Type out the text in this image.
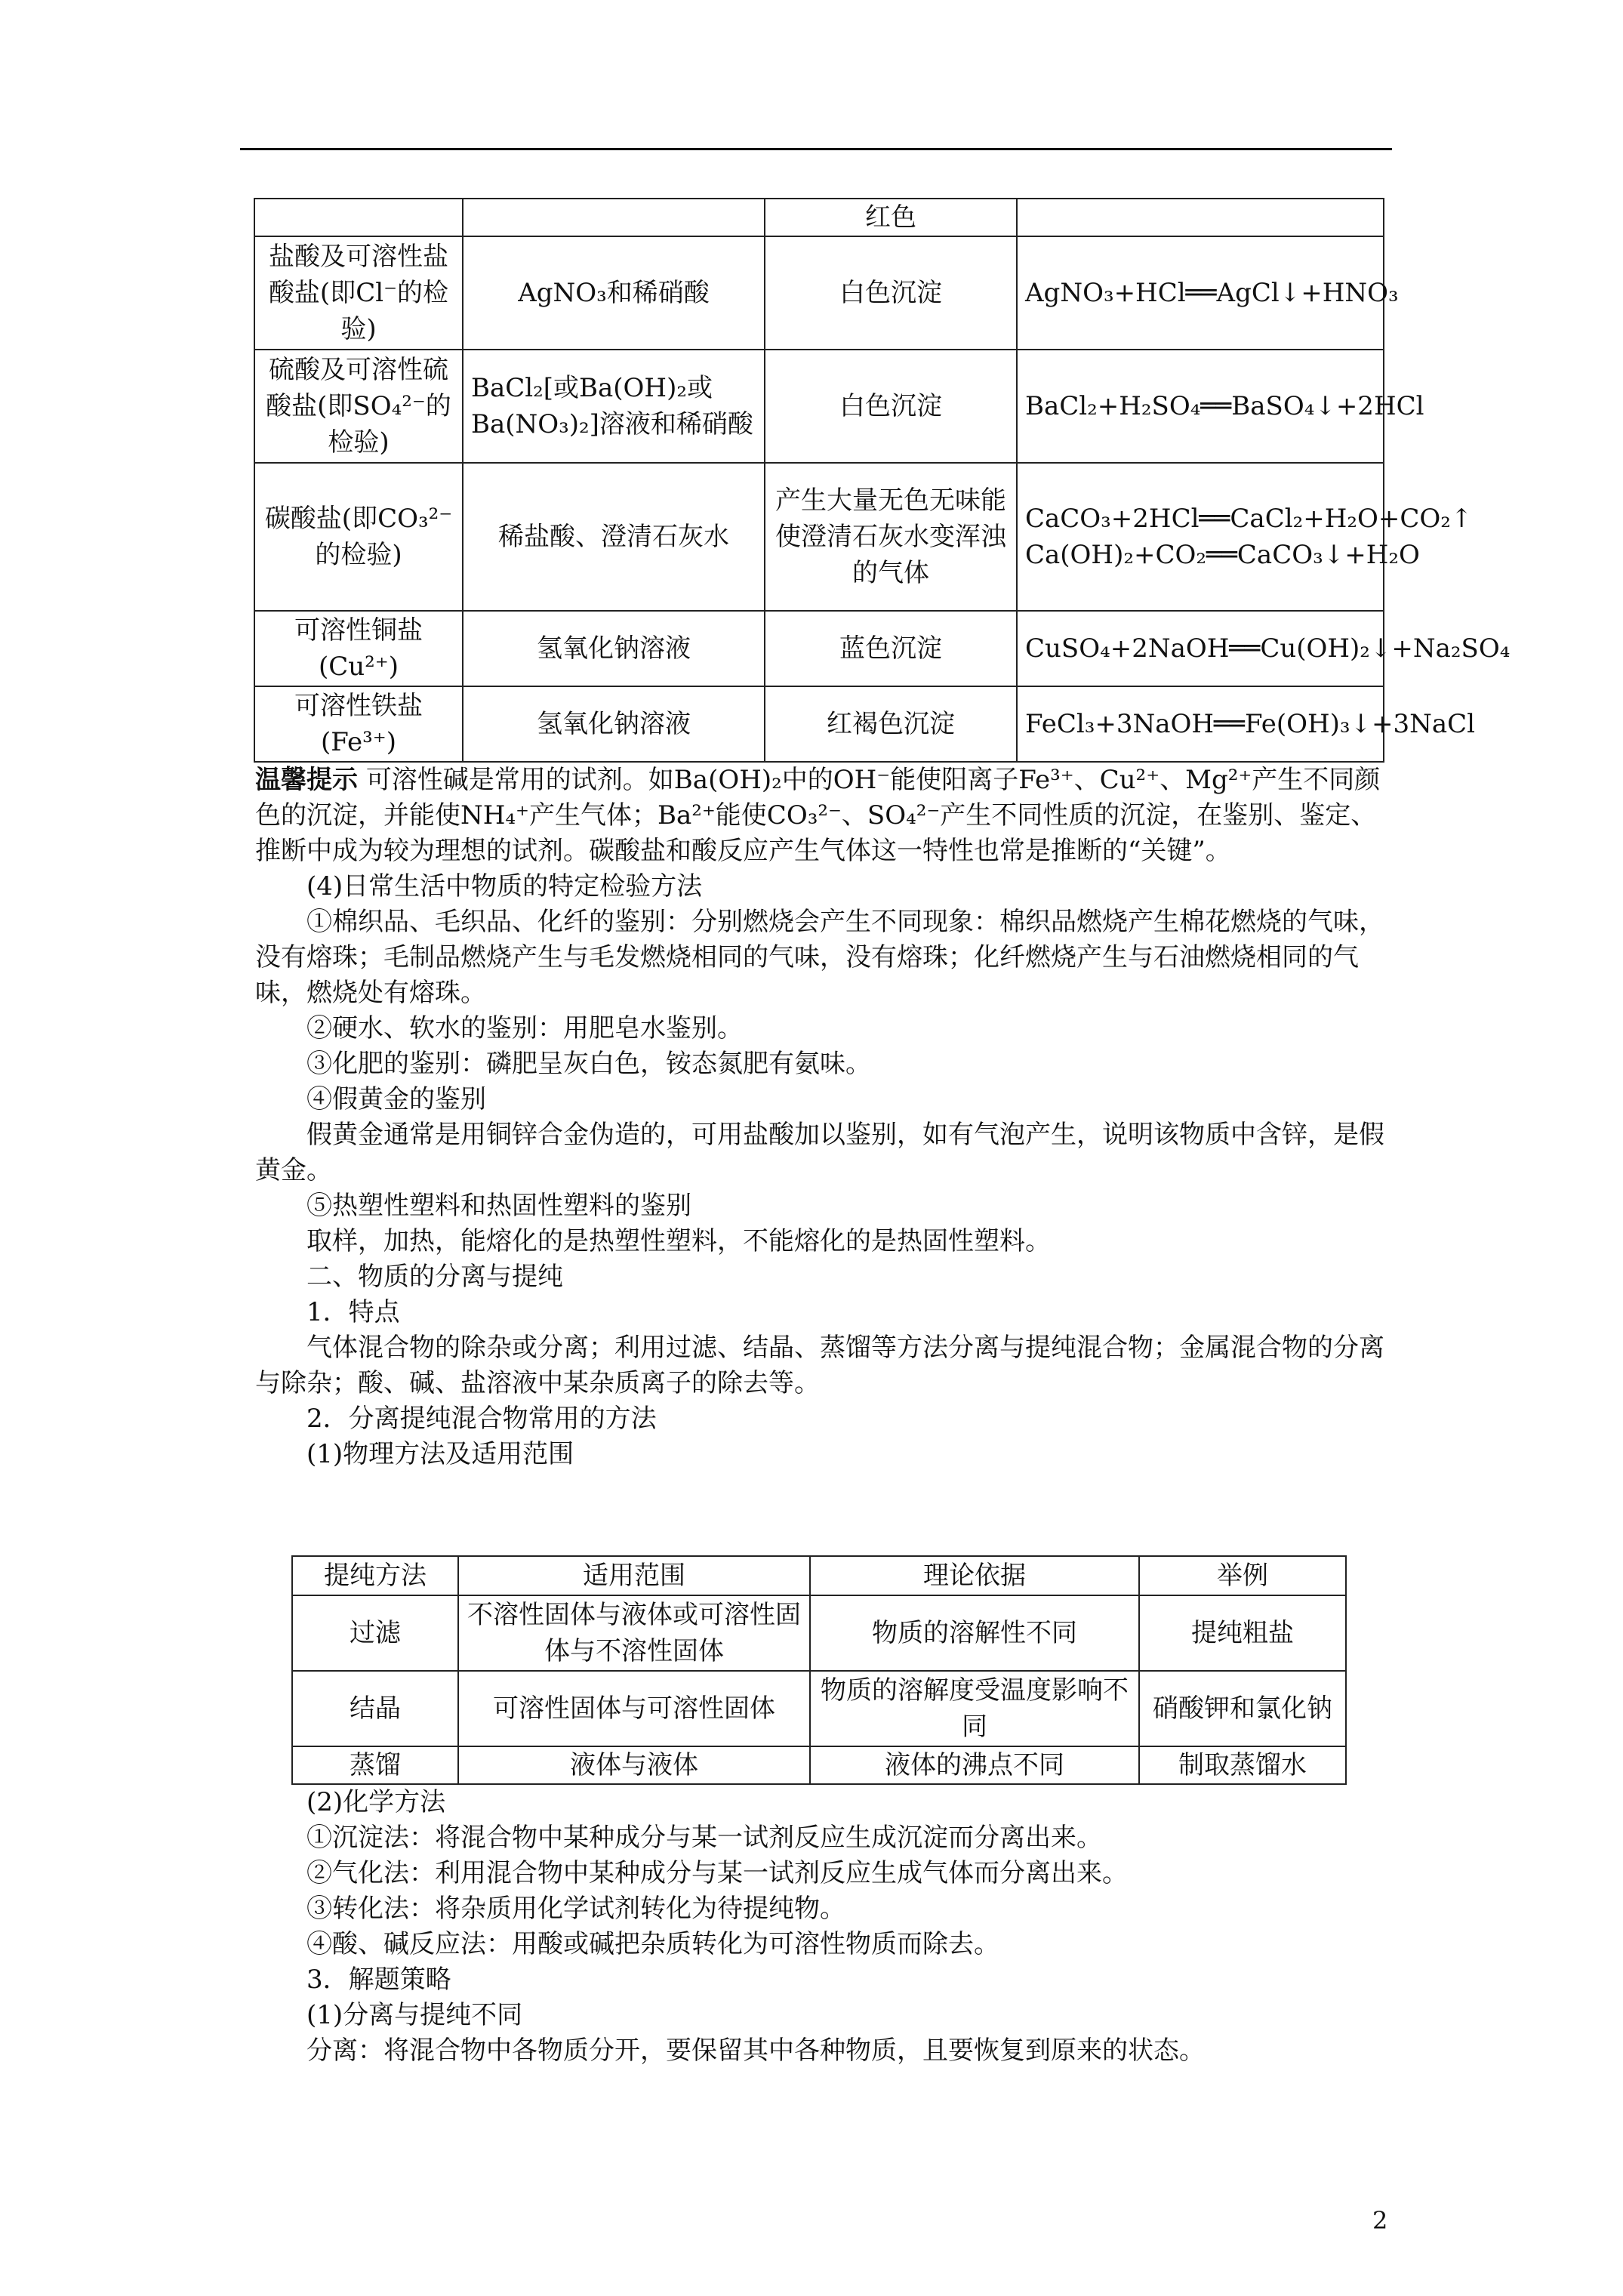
		红色	
盐酸及可溶性盐酸盐(即Cl⁻的检验)	AgNO₃和稀硝酸	白色沉淀	AgNO₃+HCl══AgCl↓+HNO₃
硫酸及可溶性硫酸盐(即SO₄²⁻的检验)	BaCl₂[或Ba(OH)₂或Ba(NO₃)₂]溶液和稀硝酸	白色沉淀	BaCl₂+H₂SO₄══BaSO₄↓+2HCl
碳酸盐(即CO₃²⁻的检验)	稀盐酸、澄清石灰水	产生大量无色无味能使澄清石灰水变浑浊的气体	CaCO₃+2HCl══CaCl₂+H₂O+CO₂↑
Ca(OH)₂+CO₂══CaCO₃↓+H₂O

可溶性铜盐(Cu²⁺)	氢氧化钠溶液	蓝色沉淀	CuSO₄+2NaOH══Cu(OH)₂↓+Na₂SO₄
可溶性铁盐(Fe³⁺)	氢氧化钠溶液	红褐色沉淀	FeCl₃+3NaOH══Fe(OH)₃↓+3NaCl

温馨提示 可溶性碱是常用的试剂。如Ba(OH)₂中的OH⁻能使阳离子Fe³⁺、Cu²⁺、Mg²⁺产生不同颜色的沉淀，并能使NH₄⁺产生气体；Ba²⁺能使CO₃²⁻、SO₄²⁻产生不同性质的沉淀，在鉴别、鉴定、推断中成为较为理想的试剂。碳酸盐和酸反应产生气体这一特性也常是推断的“关键”。

(4)日常生活中物质的特定检验方法

①棉织品、毛织品、化纤的鉴别：分别燃烧会产生不同现象：棉织品燃烧产生棉花燃烧的气味，没有熔珠；毛制品燃烧产生与毛发燃烧相同的气味，没有熔珠；化纤燃烧产生与石油燃烧相同的气味，燃烧处有熔珠。

②硬水、软水的鉴别：用肥皂水鉴别。

③化肥的鉴别：磷肥呈灰白色，铵态氮肥有氨味。

④假黄金的鉴别

假黄金通常是用铜锌合金伪造的，可用盐酸加以鉴别，如有气泡产生，说明该物质中含锌，是假黄金。

⑤热塑性塑料和热固性塑料的鉴别

取样，加热，能熔化的是热塑性塑料，不能熔化的是热固性塑料。

二、物质的分离与提纯

1．特点

气体混合物的除杂或分离；利用过滤、结晶、蒸馏等方法分离与提纯混合物；金属混合物的分离与除杂；酸、碱、盐溶液中某杂质离子的除去等。

2．分离提纯混合物常用的方法

(1)物理方法及适用范围

提纯方法	适用范围	理论依据	举例
过滤	不溶性固体与液体或可溶性固体与不溶性固体	物质的溶解性不同	提纯粗盐
结晶	可溶性固体与可溶性固体	物质的溶解度受温度影响不同	硝酸钾和氯化钠
蒸馏	液体与液体	液体的沸点不同	制取蒸馏水

(2)化学方法

①沉淀法：将混合物中某种成分与某一试剂反应生成沉淀而分离出来。

②气化法：利用混合物中某种成分与某一试剂反应生成气体而分离出来。

③转化法：将杂质用化学试剂转化为待提纯物。

④酸、碱反应法：用酸或碱把杂质转化为可溶性物质而除去。

3．解题策略

(1)分离与提纯不同

分离：将混合物中各物质分开，要保留其中各种物质，且要恢复到原来的状态。

2
